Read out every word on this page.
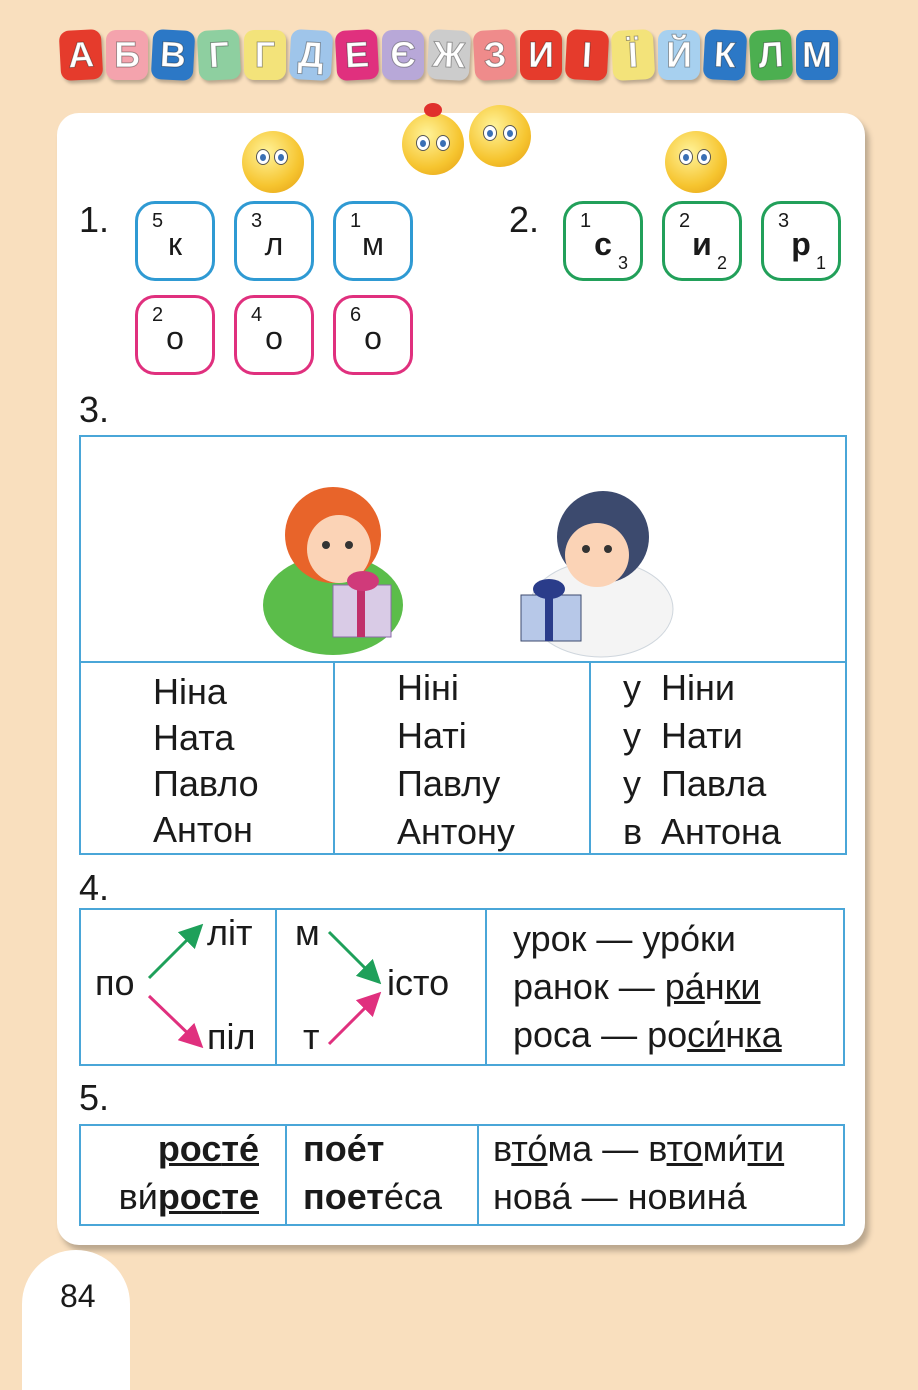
А Б В Г Г Д Е Є Ж З И І Ї Й К Л М
1.	2.
3.
Ніна
Ната
Павло
Антон
Ніні
Наті
Павлу
Антону
у Ніни
у Нати
у Павла
в Антона
4.
по
літ
піл
м
т
істо
урок — уро́ки
ранок — ра́нки
роса — роси́нка
5.
росте́
ви́росте
пое́т
поете́са
вто́ма — втоми́ти
нова́ — новина́
5
к
3
л
1
м
2
о
4
о
6
о
1
с
3
2
и
2
3
р
1
84
